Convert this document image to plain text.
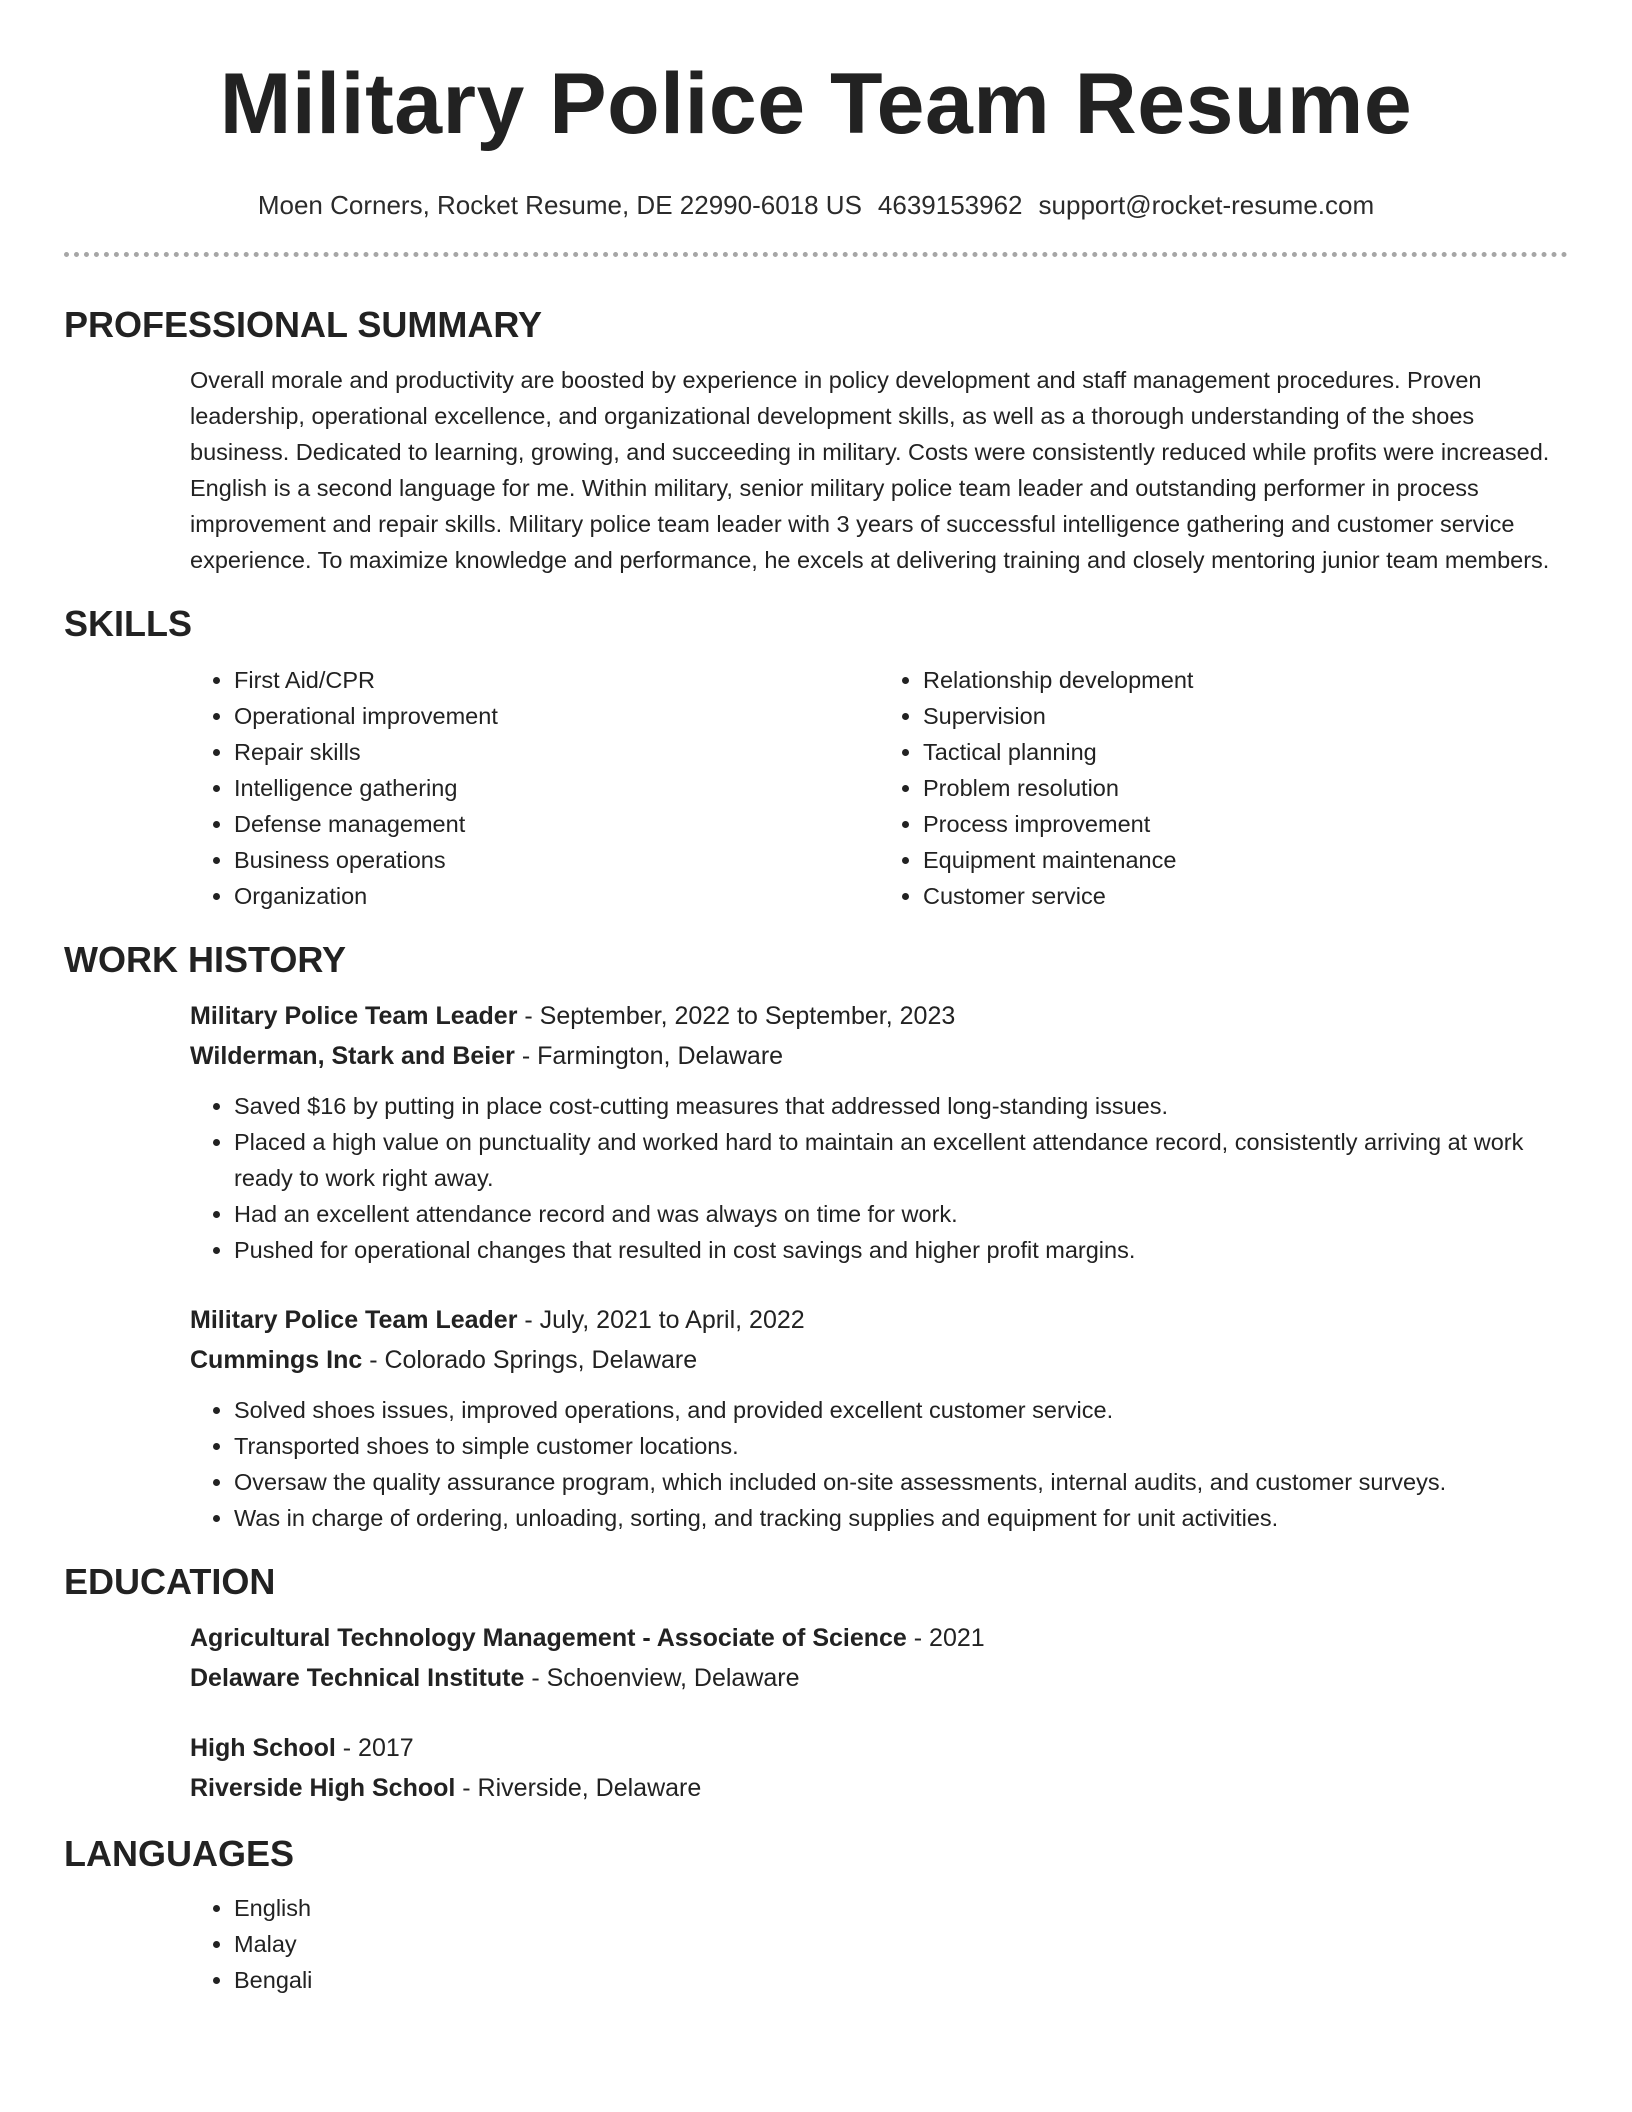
Military Police Team Resume
Moen Corners, Rocket Resume, DE 22990-6018 US 4639153962 support@rocket-resume.com
PROFESSIONAL SUMMARY

Overall morale and productivity are boosted by experience in policy development and staff management procedures. Proven leadership, operational excellence, and organizational development skills, as well as a thorough understanding of the shoes business. Dedicated to learning, growing, and succeeding in military. Costs were consistently reduced while profits were increased. English is a second language for me. Within military, senior military police team leader and outstanding performer in process improvement and repair skills. Military police team leader with 3 years of successful intelligence gathering and customer service experience. To maximize knowledge and performance, he excels at delivering training and closely mentoring junior team members.

SKILLS
• First Aid/CPR
• Operational improvement
• Repair skills
• Intelligence gathering
• Defense management
• Business operations
• Organization
• Relationship development
• Supervision
• Tactical planning
• Problem resolution
• Process improvement
• Equipment maintenance
• Customer service
WORK HISTORY
Military Police Team Leader - September, 2022 to September, 2023
Wilderman, Stark and Beier - Farmington, Delaware
• Saved $16 by putting in place cost-cutting measures that addressed long-standing issues.
• Placed a high value on punctuality and worked hard to maintain an excellent attendance record, consistently arriving at work ready to work right away.
• Had an excellent attendance record and was always on time for work.
• Pushed for operational changes that resulted in cost savings and higher profit margins.
Military Police Team Leader - July, 2021 to April, 2022
Cummings Inc - Colorado Springs, Delaware
• Solved shoes issues, improved operations, and provided excellent customer service.
• Transported shoes to simple customer locations.
• Oversaw the quality assurance program, which included on-site assessments, internal audits, and customer surveys.
• Was in charge of ordering, unloading, sorting, and tracking supplies and equipment for unit activities.
EDUCATION
Agricultural Technology Management - Associate of Science - 2021
Delaware Technical Institute - Schoenview, Delaware
High School - 2017
Riverside High School - Riverside, Delaware
LANGUAGES
• English
• Malay
• Bengali
